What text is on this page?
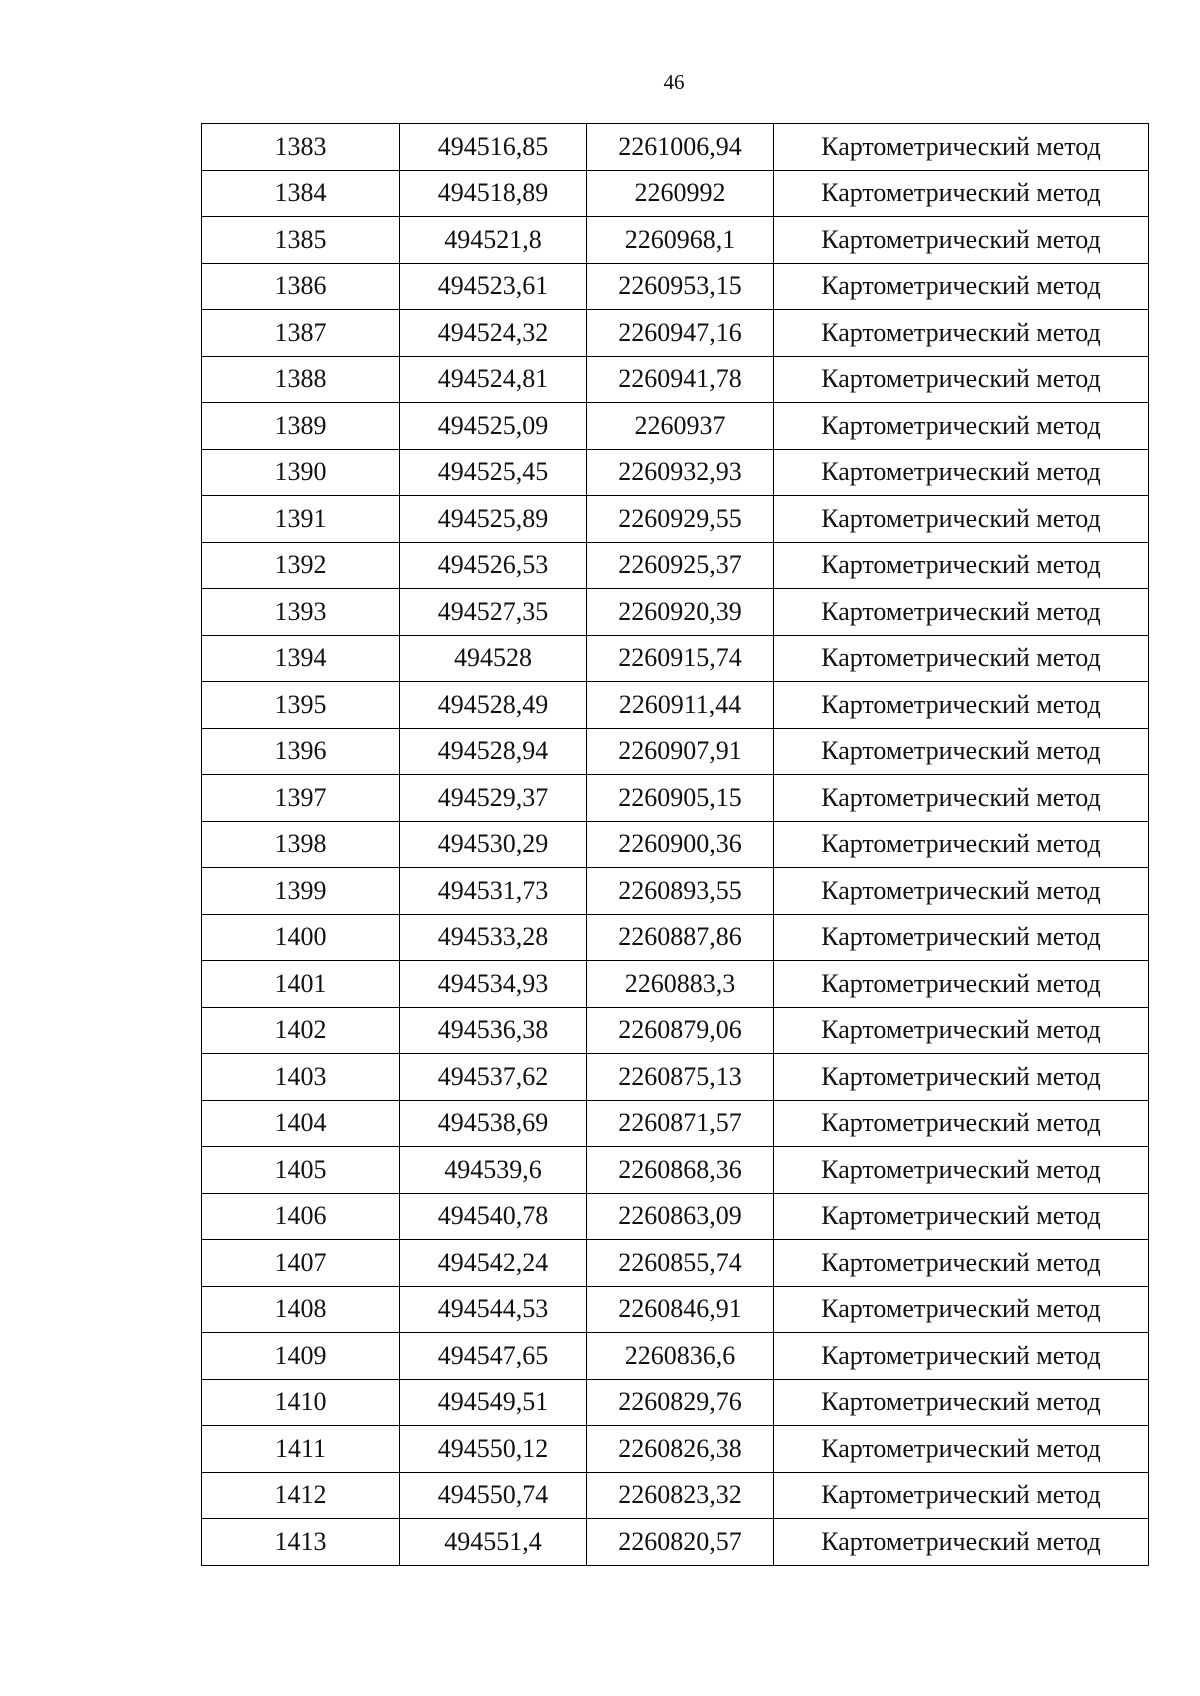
46
1383	494516,85	2261006,94	Картометрический метод
1384	494518,89	2260992	Картометрический метод
1385	494521,8	2260968,1	Картометрический метод
1386	494523,61	2260953,15	Картометрический метод
1387	494524,32	2260947,16	Картометрический метод
1388	494524,81	2260941,78	Картометрический метод
1389	494525,09	2260937	Картометрический метод
1390	494525,45	2260932,93	Картометрический метод
1391	494525,89	2260929,55	Картометрический метод
1392	494526,53	2260925,37	Картометрический метод
1393	494527,35	2260920,39	Картометрический метод
1394	494528	2260915,74	Картометрический метод
1395	494528,49	2260911,44	Картометрический метод
1396	494528,94	2260907,91	Картометрический метод
1397	494529,37	2260905,15	Картометрический метод
1398	494530,29	2260900,36	Картометрический метод
1399	494531,73	2260893,55	Картометрический метод
1400	494533,28	2260887,86	Картометрический метод
1401	494534,93	2260883,3	Картометрический метод
1402	494536,38	2260879,06	Картометрический метод
1403	494537,62	2260875,13	Картометрический метод
1404	494538,69	2260871,57	Картометрический метод
1405	494539,6	2260868,36	Картометрический метод
1406	494540,78	2260863,09	Картометрический метод
1407	494542,24	2260855,74	Картометрический метод
1408	494544,53	2260846,91	Картометрический метод
1409	494547,65	2260836,6	Картометрический метод
1410	494549,51	2260829,76	Картометрический метод
1411	494550,12	2260826,38	Картометрический метод
1412	494550,74	2260823,32	Картометрический метод
1413	494551,4	2260820,57	Картометрический метод
